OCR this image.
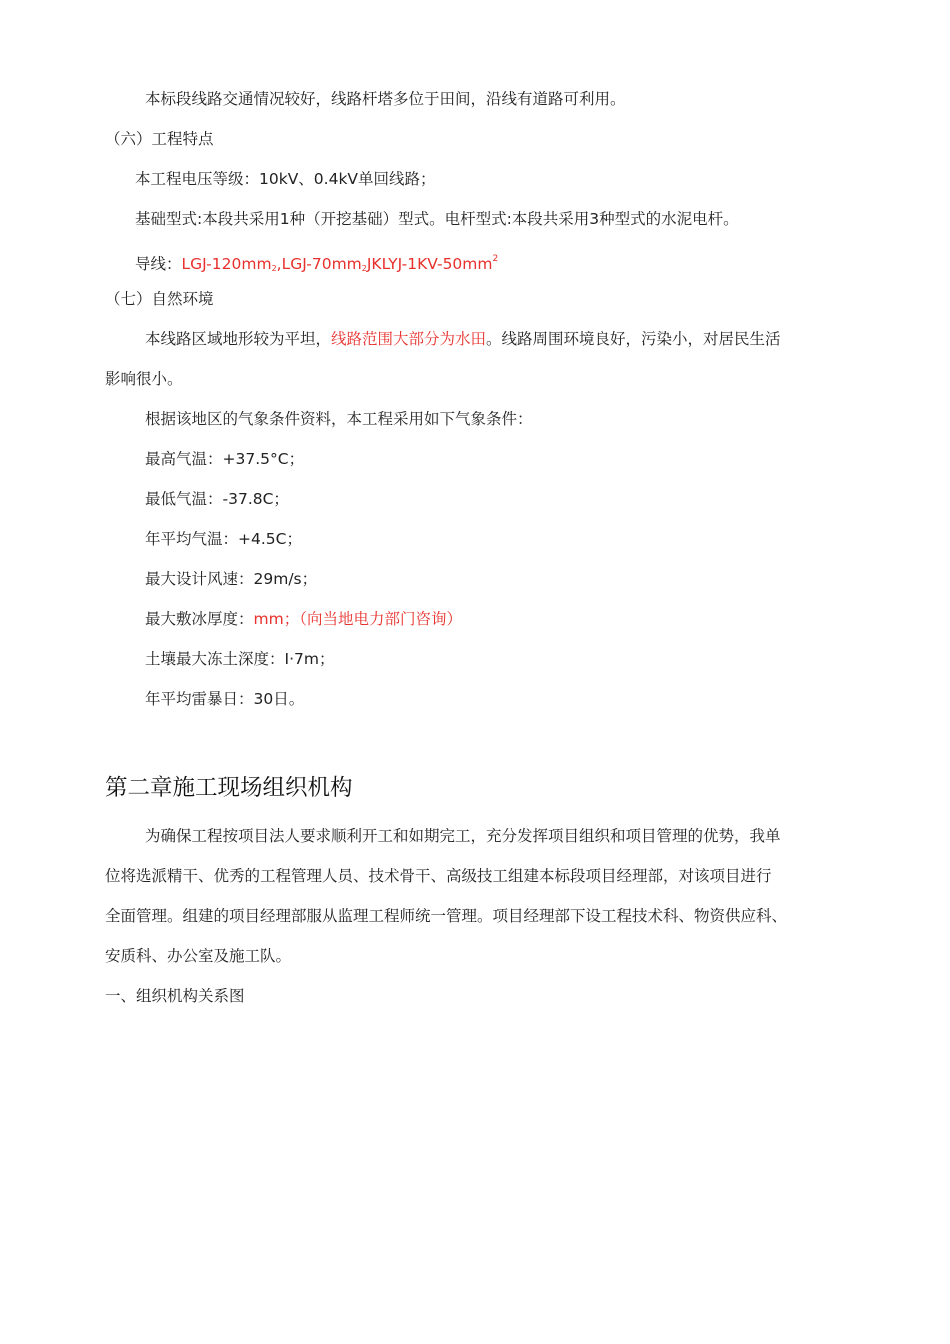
本标段线路交通情况较好，线路杆塔多位于田间，沿线有道路可利用。
（六）工程特点
本工程电压等级：10kV、0.4kV单回线路；
基础型式:本段共采用1种（开挖基础）型式。电杆型式:本段共采用3种型式的水泥电杆。
导线：LGJ-$120mm_2,LGJ-70mm_2JKLYJ-1KV-50mm^2$
（七）自然环境
本线路区域地形较为平坦，线路范围大部分为水田。线路周围环境良好，污染小，对居民生活
影响很小。
根据该地区的气象条件资料，本工程采用如下气象条件：
最高气温：+37.5°C；
最低气温：-37.8C；
年平均气温：+4.5C；
最大设计风速：29m/s；
最大敷冰厚度：mm；（向当地电力部门咨询）
土壤最大冻土深度：I·7m；
年平均雷暴日：30日。
第二章施工现场组织机构
为确保工程按项目法人要求顺利开工和如期完工，充分发挥项目组织和项目管理的优势，我单
位将选派精干、优秀的工程管理人员、技术骨干、高级技工组建本标段项目经理部，对该项目进行
全面管理。组建的项目经理部服从监理工程师统一管理。项目经理部下设工程技术科、物资供应科、
安质科、办公室及施工队。
一、组织机构关系图
